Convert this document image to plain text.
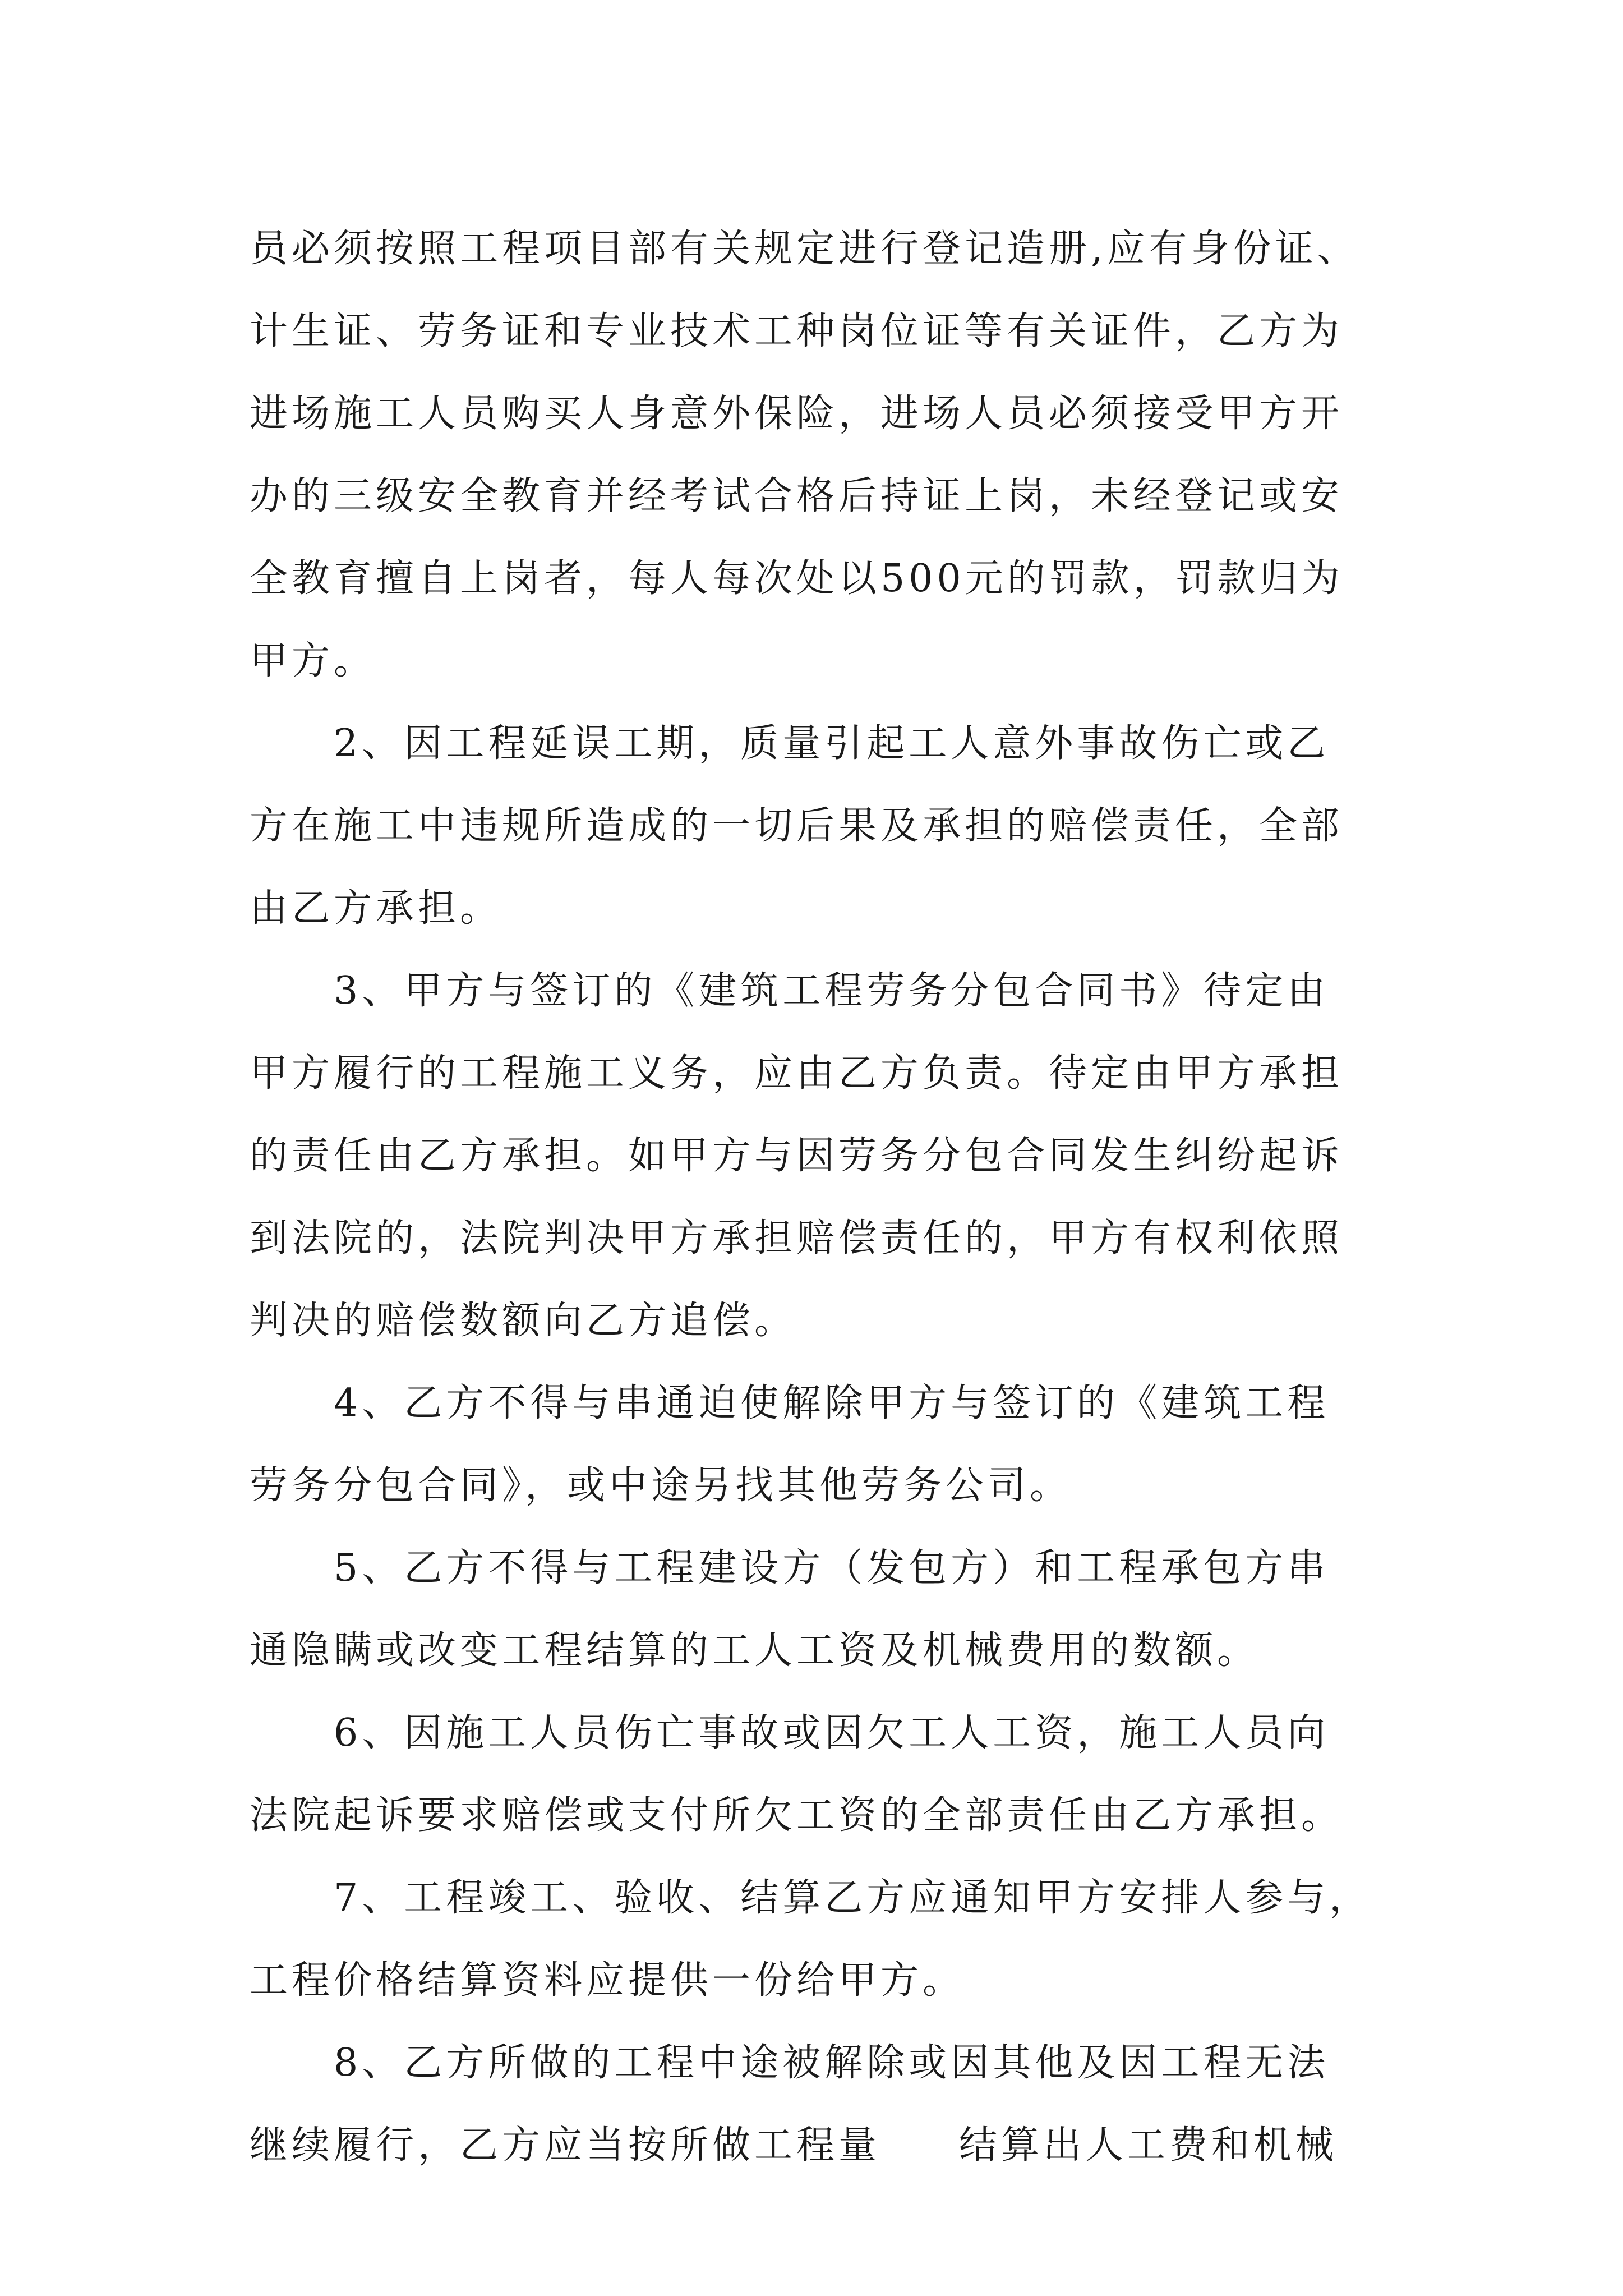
员必须按照工程项目部有关规定进行登记造册,应有身份证、
计生证、劳务证和专业技术工种岗位证等有关证件，乙方为
进场施工人员购买人身意外保险，进场人员必须接受甲方开
办的三级安全教育并经考试合格后持证上岗，未经登记或安
全教育擅自上岗者，每人每次处以500元的罚款，罚款归为
甲方。
2、因工程延误工期，质量引起工人意外事故伤亡或乙
方在施工中违规所造成的一切后果及承担的赔偿责任，全部
由乙方承担。
3、甲方与签订的《建筑工程劳务分包合同书》待定由
甲方履行的工程施工义务，应由乙方负责。待定由甲方承担
的责任由乙方承担。如甲方与因劳务分包合同发生纠纷起诉
到法院的，法院判决甲方承担赔偿责任的，甲方有权利依照
判决的赔偿数额向乙方追偿。
4、乙方不得与串通迫使解除甲方与签订的《建筑工程
劳务分包合同》，或中途另找其他劳务公司。
5、乙方不得与工程建设方（发包方）和工程承包方串
通隐瞒或改变工程结算的工人工资及机械费用的数额。
6、因施工人员伤亡事故或因欠工人工资，施工人员向
法院起诉要求赔偿或支付所欠工资的全部责任由乙方承担。
7、工程竣工、验收、结算乙方应通知甲方安排人参与，
工程价格结算资料应提供一份给甲方。
8、乙方所做的工程中途被解除或因其他及因工程无法
继续履行，乙方应当按所做工程量 结算出人工费和机械
